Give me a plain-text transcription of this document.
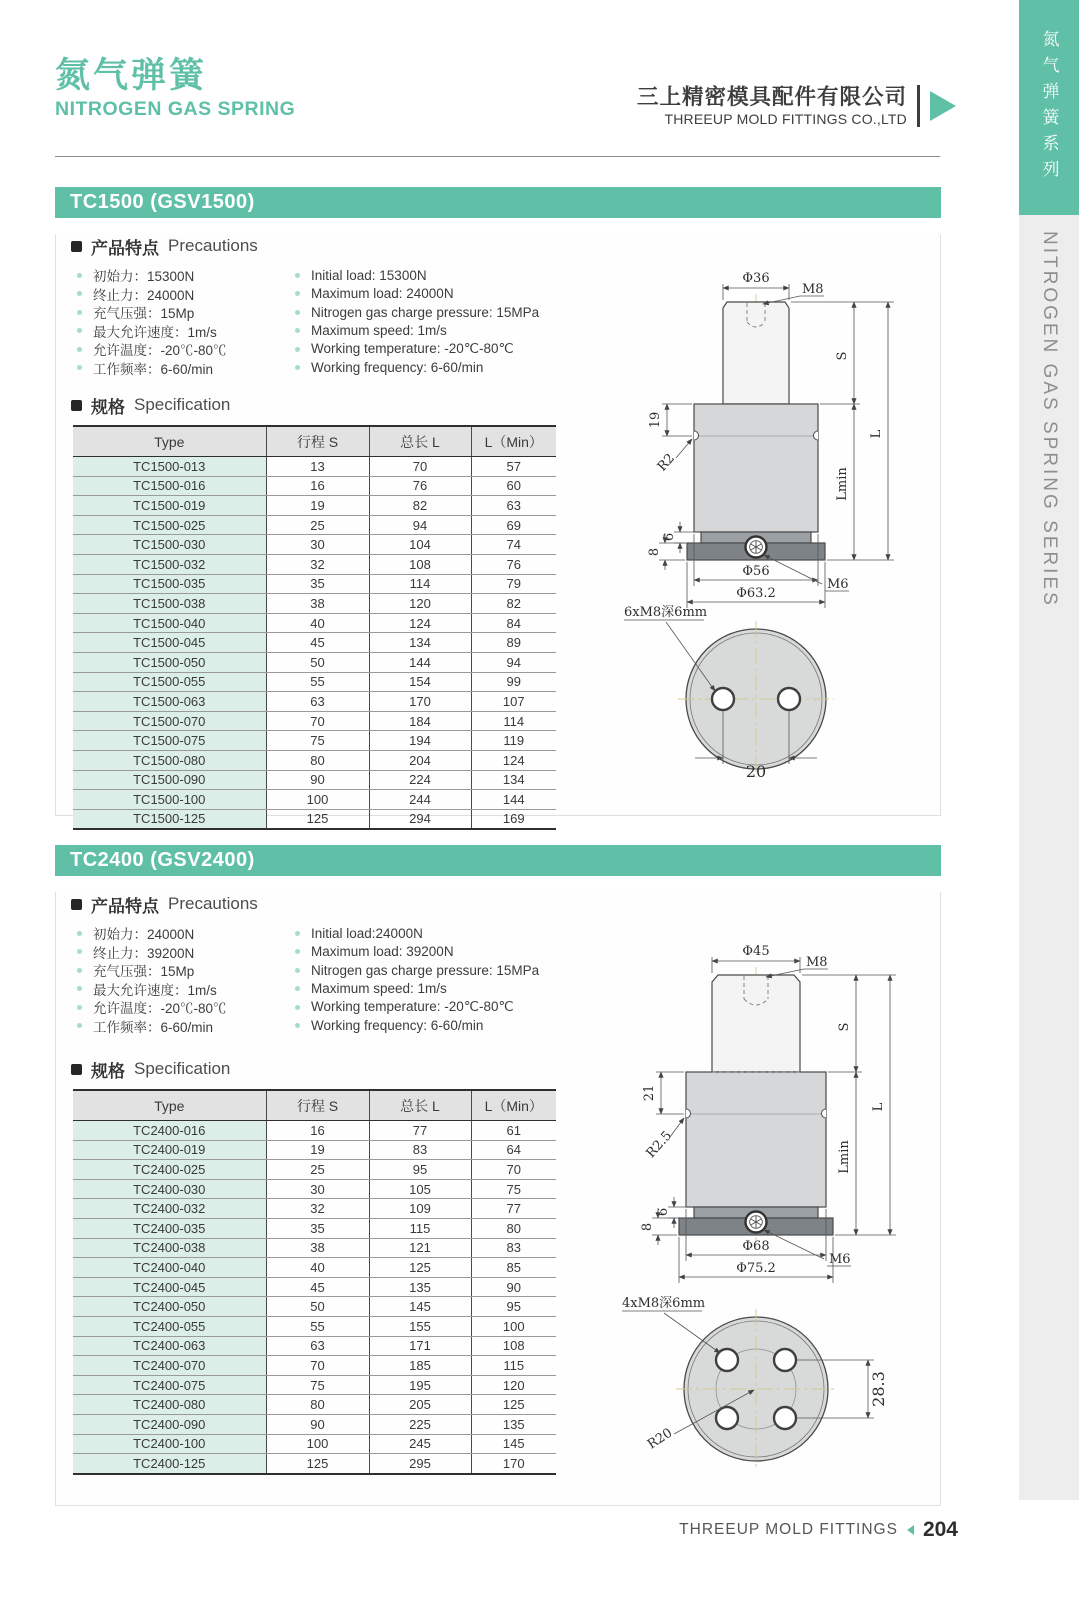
氮气弹簧
NITROGEN GAS SPRING	三上精密模具配件有限公司
THREEUP MOLD FITTINGS CO.,LTD	氮气弹簧系列
NITROGEN GAS SPRING SERIES
TC1500 (GSV1500)
产品特点 Precautions
初始力：15300N
终止力：24000N
充气压强：15Mp
最大允许速度：1m/s
允许温度：-20℃-80℃
工作频率：6-60/min
Initial load: 15300N
Maximum load: 24000N
Nitrogen gas charge pressure: 15MPa
Maximum speed: 1m/s
Working temperature: -20℃-80℃
Working frequency: 6-60/min
规格 Specification
Type	行程 S	总长 L	L（Min）
TC1500-013	13	70	57
TC1500-016	16	76	60
TC1500-019	19	82	63
TC1500-025	25	94	69
TC1500-030	30	104	74
TC1500-032	32	108	76
TC1500-035	35	114	79
TC1500-038	38	120	82
TC1500-040	40	124	84
TC1500-045	45	134	89
TC1500-050	50	144	94
TC1500-055	55	154	99
TC1500-063	63	170	107
TC1500-070	70	184	114
TC1500-075	75	194	119
TC1500-080	80	204	124
TC1500-090	90	224	134
TC1500-100	100	244	144
TC1500-125	125	294	169
Φ36
M8
S
Lmin
L
19
R2
6
8
Φ56
Φ63.2
M6
6xM8深6mm
20
TC2400 (GSV2400)
产品特点 Precautions
初始力：24000N
终止力：39200N
充气压强：15Mp
最大允许速度：1m/s
允许温度：-20℃-80℃
工作频率：6-60/min
Initial load:24000N
Maximum load: 39200N
Nitrogen gas charge pressure: 15MPa
Maximum speed: 1m/s
Working temperature: -20℃-80℃
Working frequency: 6-60/min
规格 Specification
Type	行程 S	总长 L	L（Min）
TC2400-016	16	77	61
TC2400-019	19	83	64
TC2400-025	25	95	70
TC2400-030	30	105	75
TC2400-032	32	109	77
TC2400-035	35	115	80
TC2400-038	38	121	83
TC2400-040	40	125	85
TC2400-045	45	135	90
TC2400-050	50	145	95
TC2400-055	55	155	100
TC2400-063	63	171	108
TC2400-070	70	185	115
TC2400-075	75	195	120
TC2400-080	80	205	125
TC2400-090	90	225	135
TC2400-100	100	245	145
TC2400-125	125	295	170
Φ45
M8
S
Lmin
L
21
R2.5
6
8
Φ68
Φ75.2
M6
4xM8深6mm
R20
28.3
THREEUP MOLD FITTINGS 204
